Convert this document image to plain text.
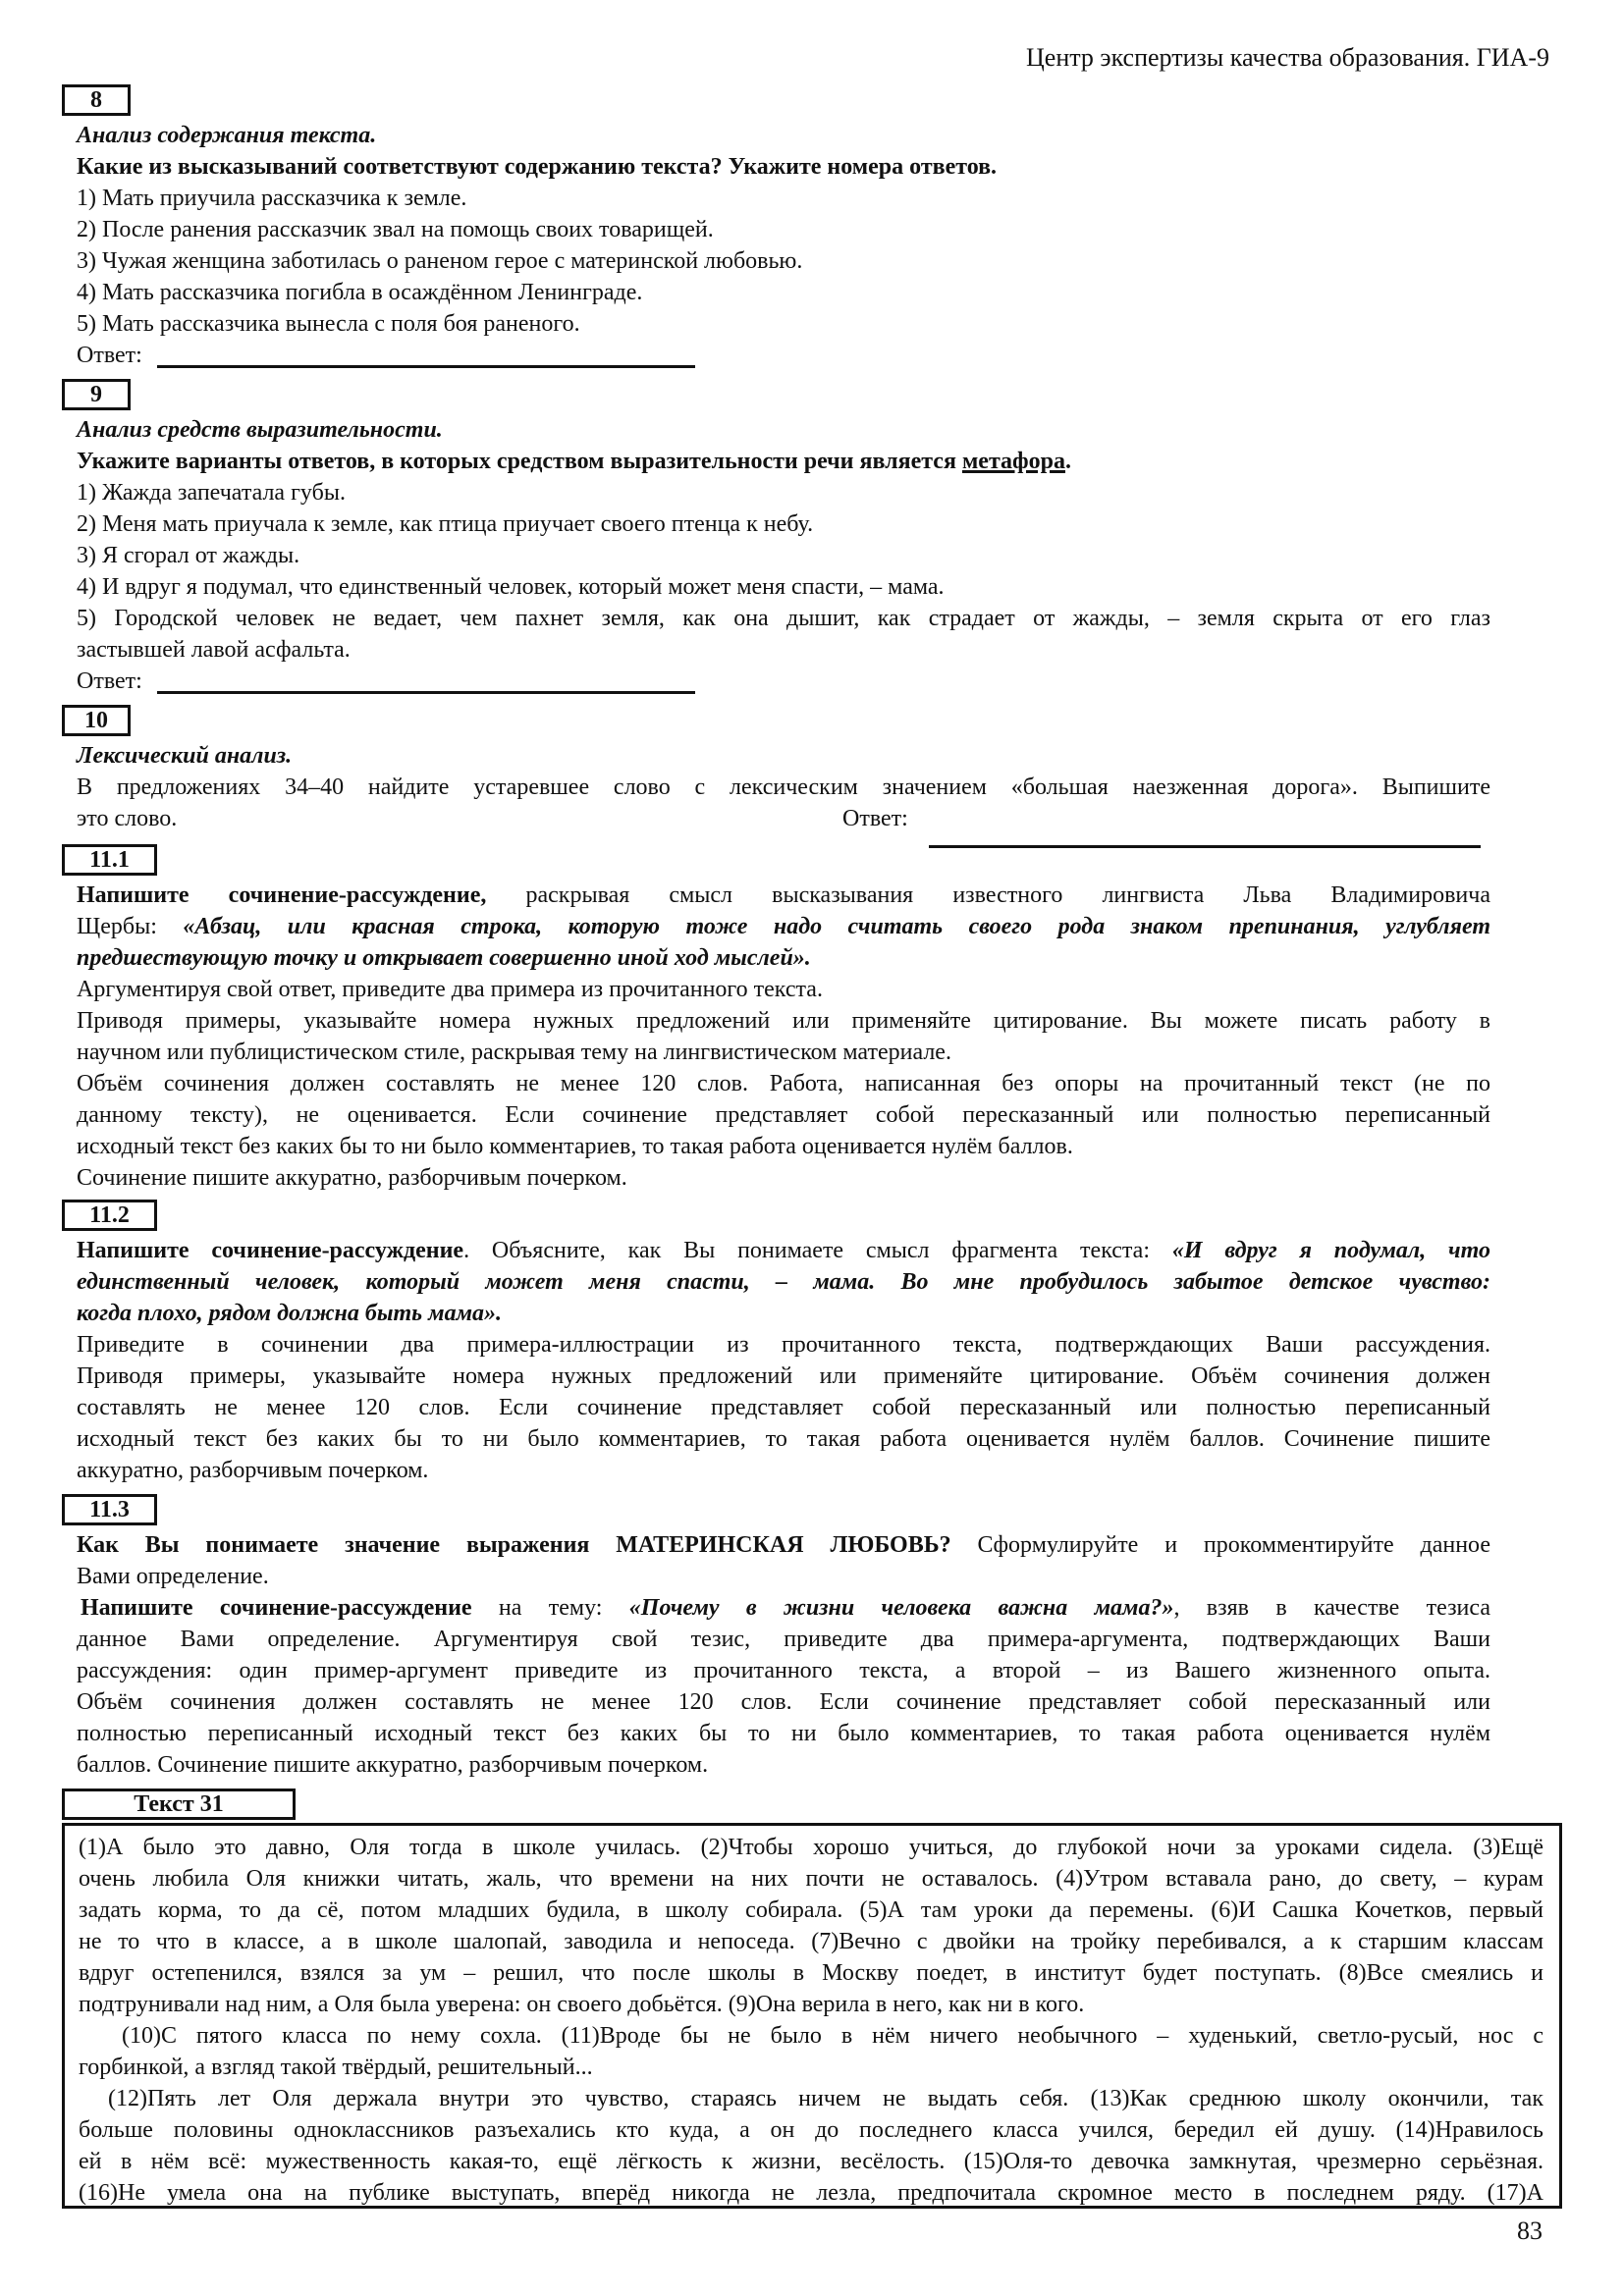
Центр экспертизы качества образования. ГИА-9
8
Анализ содержания текста.
Какие из высказываний соответствуют содержанию текста? Укажите номера ответов.
1) Мать приучила рассказчика к земле.
2) После ранения рассказчик звал на помощь своих товарищей.
3) Чужая женщина заботилась о раненом герое с материнской любовью.
4) Мать рассказчика погибла в осаждённом Ленинграде.
5) Мать рассказчика вынесла с поля боя раненого.
Ответ:
9
Анализ средств выразительности.
Укажите варианты ответов, в которых средством выразительности речи является метафора.
1) Жажда запечатала губы.
2) Меня мать приучала к земле, как птица приучает своего птенца к небу.
3) Я сгорал от жажды.
4) И вдруг я подумал, что единственный человек, который может меня спасти, – мама.
5) Городской человек не ведает, чем пахнет земля, как она дышит, как страдает от жажды, – земля скрыта от его глаз
застывшей лавой асфальта.
Ответ:
10
Лексический анализ.
В предложениях 34–40 найдите устаревшее слово с лексическим значением «большая наезженная дорога». Выпишите
это слово.	Ответ:
11.1
Напишите сочинение-рассуждение, раскрывая смысл высказывания известного лингвиста Льва Владимировича
Щербы: «Абзац, или красная строка, которую тоже надо считать своего рода знаком препинания, углубляет
предшествующую точку и открывает совершенно иной ход мыслей».
Аргументируя свой ответ, приведите два примера из прочитанного текста.
Приводя примеры, указывайте номера нужных предложений или применяйте цитирование. Вы можете писать работу в
научном или публицистическом стиле, раскрывая тему на лингвистическом материале.
Объём сочинения должен составлять не менее 120 слов. Работа, написанная без опоры на прочитанный текст (не по
данному тексту), не оценивается. Если сочинение представляет собой пересказанный или полностью переписанный
исходный текст без каких бы то ни было комментариев, то такая работа оценивается нулём баллов.
Сочинение пишите аккуратно, разборчивым почерком.
11.2
Напишите сочинение-рассуждение. Объясните, как Вы понимаете смысл фрагмента текста: «И вдруг я подумал, что
единственный человек, который может меня спасти, – мама. Во мне пробудилось забытое детское чувство:
когда плохо, рядом должна быть мама».
Приведите в сочинении два примера-иллюстрации из прочитанного текста, подтверждающих Ваши рассуждения.
Приводя примеры, указывайте номера нужных предложений или применяйте цитирование. Объём сочинения должен
составлять не менее 120 слов. Если сочинение представляет собой пересказанный или полностью переписанный
исходный текст без каких бы то ни было комментариев, то такая работа оценивается нулём баллов. Сочинение пишите
аккуратно, разборчивым почерком.
11.3
Как Вы понимаете значение выражения МАТЕРИНСКАЯ ЛЮБОВЬ? Сформулируйте и прокомментируйте данное
Вами определение.
Напишите сочинение-рассуждение на тему: «Почему в жизни человека важна мама?», взяв в качестве тезиса
данное Вами определение. Аргументируя свой тезис, приведите два примера-аргумента, подтверждающих Ваши
рассуждения: один пример-аргумент приведите из прочитанного текста, а второй – из Вашего жизненного опыта.
Объём сочинения должен составлять не менее 120 слов. Если сочинение представляет собой пересказанный или
полностью переписанный исходный текст без каких бы то ни было комментариев, то такая работа оценивается нулём
баллов. Сочинение пишите аккуратно, разборчивым почерком.
Текст 31
(1)А было это давно, Оля тогда в школе училась. (2)Чтобы хорошо учиться, до глубокой ночи за уроками сидела. (3)Ещё
очень любила Оля книжки читать, жаль, что времени на них почти не оставалось. (4)Утром вставала рано, до свету, – курам
задать корма, то да сё, потом младших будила, в школу собирала. (5)А там уроки да перемены. (6)И Сашка Кочетков, первый
не то что в классе, а в школе шалопай, заводила и непоседа. (7)Вечно с двойки на тройку перебивался, а к старшим классам
вдруг остепенился, взялся за ум – решил, что после школы в Москву поедет, в институт будет поступать. (8)Все смеялись и
подтрунивали над ним, а Оля была уверена: он своего добьётся. (9)Она верила в него, как ни в кого.
(10)С пятого класса по нему сохла. (11)Вроде бы не было в нём ничего необычного – худенький, светло-русый, нос с
горбинкой, а взгляд такой твёрдый, решительный...
(12)Пять лет Оля держала внутри это чувство, стараясь ничем не выдать себя. (13)Как среднюю школу окончили, так
больше половины одноклассников разъехались кто куда, а он до последнего класса учился, бередил ей душу. (14)Нравилось
ей в нём всё: мужественность какая-то, ещё лёгкость к жизни, весёлость. (15)Оля-то девочка замкнутая, чрезмерно серьёзная.
(16)Не умела она на публике выступать, вперёд никогда не лезла, предпочитала скромное место в последнем ряду. (17)А
83
